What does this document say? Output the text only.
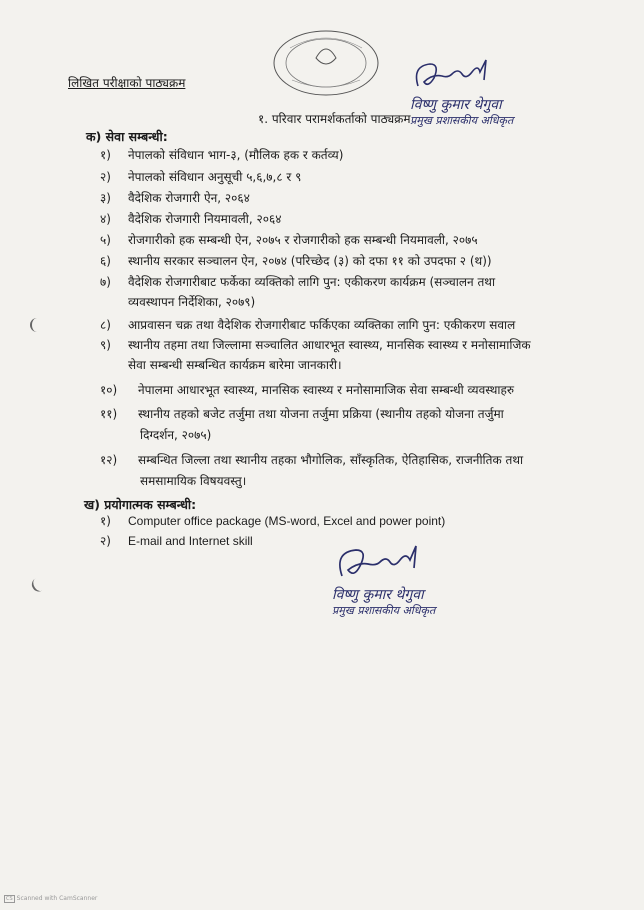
विष्णु कुमार थेगुवा

प्रमुख प्रशासकीय अधिकृत

लिखित परीक्षाको पाठ्यक्रम
१. परिवार परामर्शकर्ताको पाठ्यक्रम
क) सेवा सम्बन्धी:
१) नेपालको संविधान भाग-३, (मौलिक हक र कर्तव्य)
२) नेपालको संविधान अनुसूची ५,६,७,८ र ९
३) वैदेशिक रोजगारी ऐन, २०६४
४) वैदेशिक रोजगारी नियमावली, २०६४
५) रोजगारीको हक सम्बन्धी ऐन, २०७५ र रोजगारीको हक सम्बन्धी नियमावली, २०७५
६) स्थानीय सरकार सञ्चालन ऐन, २०७४ (परिच्छेद (३) को दफा ११ को उपदफा २ (थ))
७) वैदेशिक रोजगारीबाट फर्केका व्यक्तिको लागि पुन: एकीकरण कार्यक्रम (सञ्चालन तथा
व्यवस्थापन निर्देशिका, २०७९)
८) आप्रवासन चक्र तथा वैदेशिक रोजगारीबाट फर्किएका व्यक्तिका लागि पुन: एकीकरण सवाल
९) स्थानीय तहमा तथा जिल्लामा सञ्चालित आधारभूत स्वास्थ्य, मानसिक स्वास्थ्य र मनोसामाजिक
सेवा सम्बन्धी सम्बन्धित कार्यक्रम बारेमा जानकारी।
१०) नेपालमा आधारभूत स्वास्थ्य, मानसिक स्वास्थ्य र मनोसामाजिक सेवा सम्बन्धी व्यवस्थाहरु
११) स्थानीय तहको बजेट तर्जुमा तथा योजना तर्जुमा प्रक्रिया (स्थानीय तहको योजना तर्जुमा
दिग्दर्शन, २०७५)
१२) सम्बन्धित जिल्ला तथा स्थानीय तहका भौगोलिक, साँस्कृतिक, ऐतिहासिक, राजनीतिक तथा
समसामायिक विषयवस्तु।
ख) प्रयोगात्मक सम्बन्धी:
१) Computer office package (MS-word, Excel and power point)
२) E-mail and Internet skill

विष्णु कुमार थेगुवा

प्रमुख प्रशासकीय अधिकृत

CS Scanned with CamScanner
